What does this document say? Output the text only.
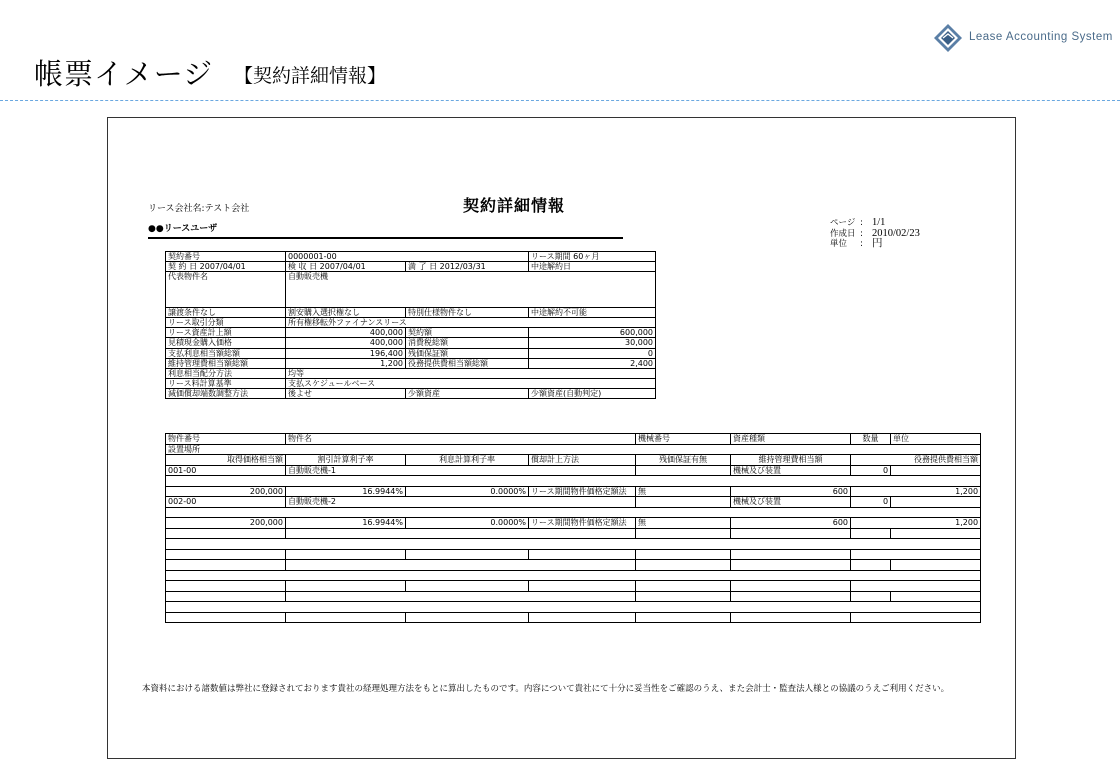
帳票イメージ 【契約詳細情報】
Lease Accounting System
リース会社名:テスト会社	契約詳細情報
●●リースユーザ
ページ : 1/1
作成日 : 2010/02/23
単位	: 円
契約番号	0000001-00		リース期間 60ヶ月
契 約 日 2007/04/01	検 収 日 2007/04/01	満 了 日 2012/03/31	中途解約日
代表物件名	自動販売機		
譲渡条件なし	割安購入選択権なし	特別仕様物件なし	中途解約不可能
リース取引分類	所有権移転外ファイナンスリース		
リース資産計上額	400,000	契約額	600,000
見積現金購入価格	400,000	消費税総額	30,000
支払利息相当額総額	196,400	残価保証額	0
維持管理費相当額総額	1,200	役務提供費相当額総額	2,400
利息相当配分方法	均等		
リース料計算基準	支払スケジュールベース		
減価償却端数調整方法	後よせ	少額資産	少額資産(自動判定)
物件番号	物件名			機械番号	資産種類	数量	単位
設置場所							
取得価格相当額	割引計算利子率	利息計算利子率	償却計上方法	残価保証有無	維持管理費相当額	役務提供費相当額	
001-00	自動販売機-1				機械及び装置	0	

200,000	16.9944%	0.0000%	リース期間物件価格定額法	無	600	1,200	
002-00	自動販売機-2				機械及び装置	0	

200,000	16.9944%	0.0000%	リース期間物件価格定額法	無	600	1,200	

本資料における諸数値は弊社に登録されております貴社の経理処理方法をもとに算出したものです。内容について貴社にて十分に妥当性をご確認のうえ、また会計士・監査法人様との協議のうえご利用ください。
